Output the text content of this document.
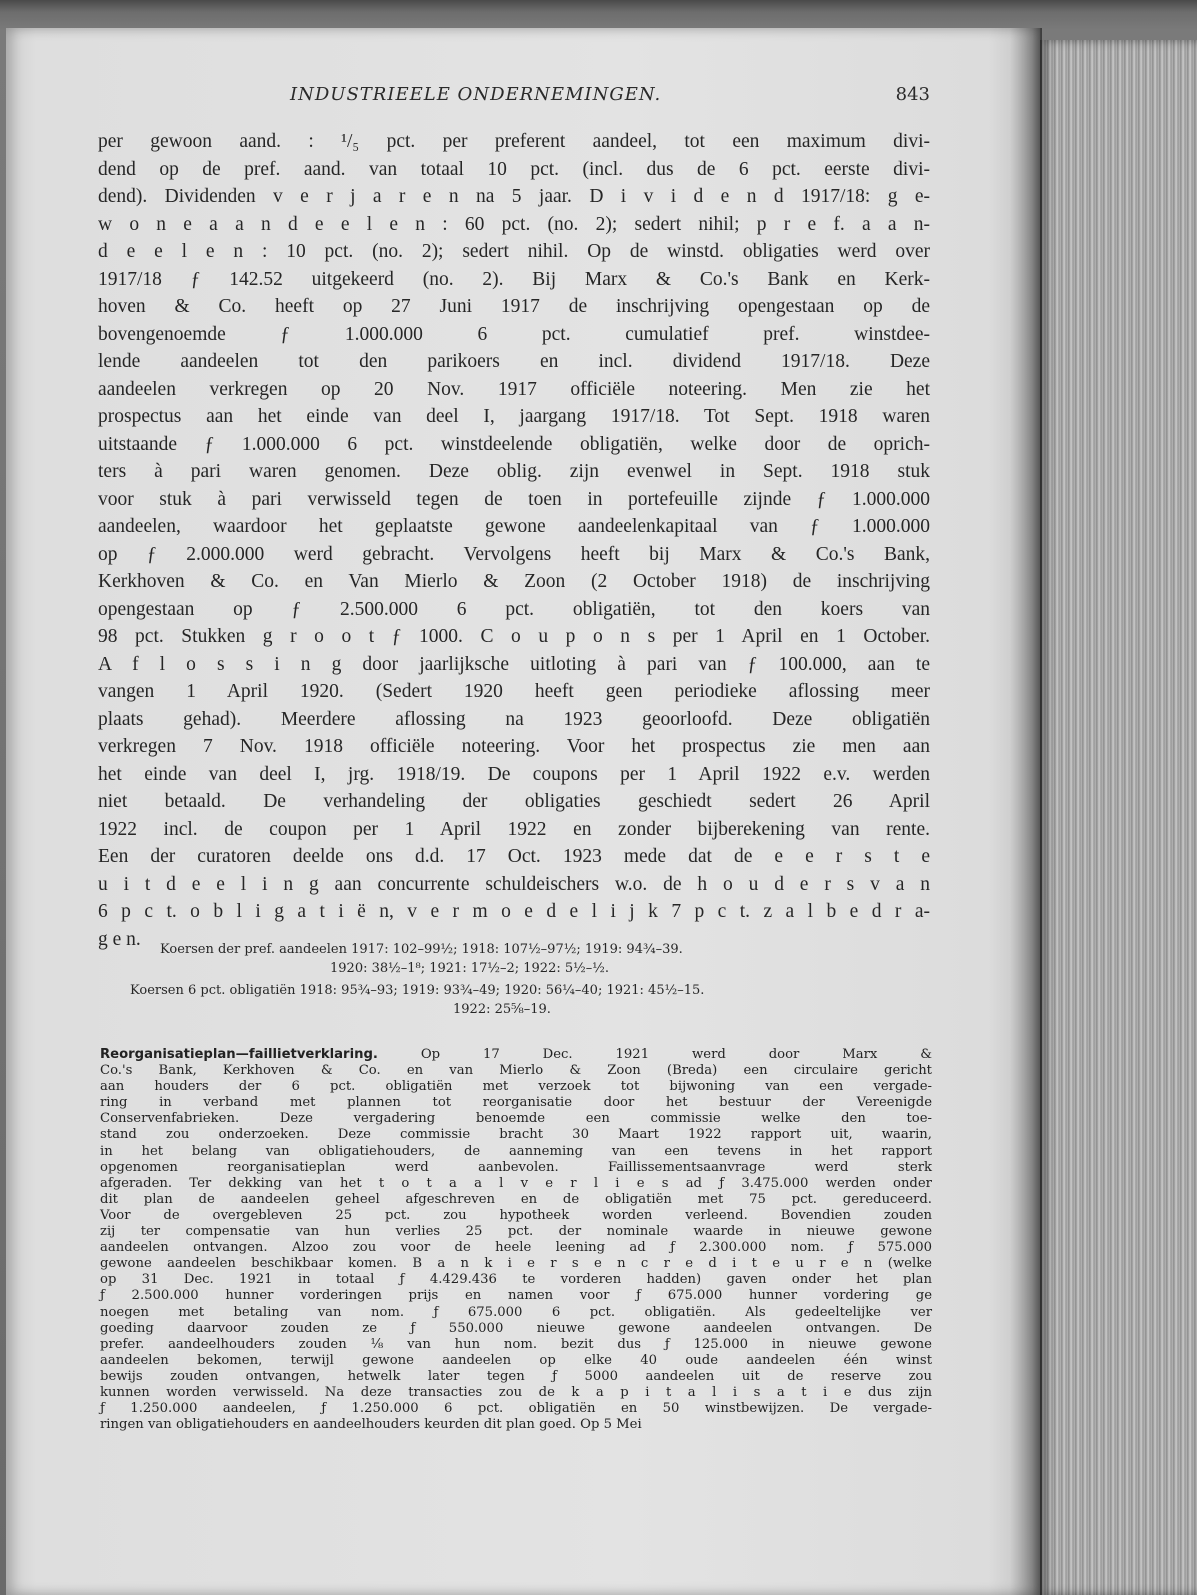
INDUSTRIEELE ONDERNEMINGEN.	843
per gewoon aand. : ¹/₅ pct. per preferent aandeel, tot een maximum divi-
dend op de pref. aand. van totaal 10 pct. (incl. dus de 6 pct. eerste divi-
dend). Dividenden v e r j a r e n na 5 jaar. D i v i d e n d 1917/18: g e-
w o n e a a n d e e l e n : 60 pct. (no. 2); sedert nihil; p r e f. a a n-
d e e l e n : 10 pct. (no. 2); sedert nihil. Op de winstd. obligaties werd over
1917/18 ƒ 142.52 uitgekeerd (no. 2). Bij Marx & Co.'s Bank en Kerk-
hoven & Co. heeft op 27 Juni 1917 de inschrijving opengestaan op de
bovengenoemde ƒ 1.000.000 6 pct. cumulatief pref. winstdee-
lende aandeelen tot den parikoers en incl. dividend 1917/18. Deze
aandeelen verkregen op 20 Nov. 1917 officiële noteering. Men zie het
prospectus aan het einde van deel I, jaargang 1917/18. Tot Sept. 1918 waren
uitstaande ƒ 1.000.000 6 pct. winstdeelende obligatiën, welke door de oprich-
ters à pari waren genomen. Deze oblig. zijn evenwel in Sept. 1918 stuk
voor stuk à pari verwisseld tegen de toen in portefeuille zijnde ƒ 1.000.000
aandeelen, waardoor het geplaatste gewone aandeelenkapitaal van ƒ 1.000.000
op ƒ 2.000.000 werd gebracht. Vervolgens heeft bij Marx & Co.'s Bank,
Kerkhoven & Co. en Van Mierlo & Zoon (2 October 1918) de inschrijving
opengestaan op ƒ 2.500.000 6 pct. obligatiën, tot den koers van
98 pct. Stukken g r o o t ƒ 1000. C o u p o n s per 1 April en 1 October.
A f l o s s i n g door jaarlijksche uitloting à pari van ƒ 100.000, aan te
vangen 1 April 1920. (Sedert 1920 heeft geen periodieke aflossing meer
plaats gehad). Meerdere aflossing na 1923 geoorloofd. Deze obligatiën
verkregen 7 Nov. 1918 officiële noteering. Voor het prospectus zie men aan
het einde van deel I, jrg. 1918/19. De coupons per 1 April 1922 e.v. werden
niet betaald. De verhandeling der obligaties geschiedt sedert 26 April
1922 incl. de coupon per 1 April 1922 en zonder bijberekening van rente.
Een der curatoren deelde ons d.d. 17 Oct. 1923 mede dat de e e r s t e
u i t d e e l i n g aan concurrente schuldeischers w.o. de h o u d e r s v a n
6 p c t. o b l i g a t i ë n, v e r m o e d e l i j k 7 p c t. z a l b e d r a-
g e n.	Koersen der pref. aandeelen 1917: 102–99½; 1918: 107½–97½; 1919: 94¾–39.
1920: 38½–1⁸; 1921: 17½–2; 1922: 5½–½.
Koersen 6 pct. obligatiën 1918: 95¾–93; 1919: 93¾–49; 1920: 56¼–40; 1921: 45½–15.
1922: 25⅝–19.
Reorganisatieplan—faillietverklaring. Op 17 Dec. 1921 werd door Marx &
Co.'s Bank, Kerkhoven & Co. en van Mierlo & Zoon (Breda) een circulaire gericht
aan houders der 6 pct. obligatiën met verzoek tot bijwoning van een vergade-
ring in verband met plannen tot reorganisatie door het bestuur der Vereenigde
Conservenfabrieken. Deze vergadering benoemde een commissie welke den toe-
stand zou onderzoeken. Deze commissie bracht 30 Maart 1922 rapport uit, waarin,
in het belang van obligatiehouders, de aanneming van een tevens in het rapport
opgenomen reorganisatieplan werd aanbevolen. Faillissementsaanvrage werd sterk
afgeraden. Ter dekking van het t o t a a l v e r l i e s ad ƒ 3.475.000 werden onder
dit plan de aandeelen geheel afgeschreven en de obligatiën met 75 pct. gereduceerd.
Voor de overgebleven 25 pct. zou hypotheek worden verleend. Bovendien zouden
zij ter compensatie van hun verlies 25 pct. der nominale waarde in nieuwe gewone
aandeelen ontvangen. Alzoo zou voor de heele leening ad ƒ 2.300.000 nom. ƒ 575.000
gewone aandeelen beschikbaar komen. B a n k i e r s e n c r e d i t e u r e n (welke
op 31 Dec. 1921 in totaal ƒ 4.429.436 te vorderen hadden) gaven onder het plan
ƒ 2.500.000 hunner vorderingen prijs en namen voor ƒ 675.000 hunner vordering ge
noegen met betaling van nom. ƒ 675.000 6 pct. obligatiën. Als gedeeltelijke ver
goeding daarvoor zouden ze ƒ 550.000 nieuwe gewone aandeelen ontvangen. De
prefer. aandeelhouders zouden ⅛ van hun nom. bezit dus ƒ 125.000 in nieuwe gewone
aandeelen bekomen, terwijl gewone aandeelen op elke 40 oude aandeelen één winst
bewijs zouden ontvangen, hetwelk later tegen ƒ 5000 aandeelen uit de reserve zou
kunnen worden verwisseld. Na deze transacties zou de k a p i t a l i s a t i e dus zijn
ƒ 1.250.000 aandeelen, ƒ 1.250.000 6 pct. obligatiën en 50 winstbewijzen. De vergade-
ringen van obligatiehouders en aandeelhouders keurden dit plan goed. Op 5 Mei
